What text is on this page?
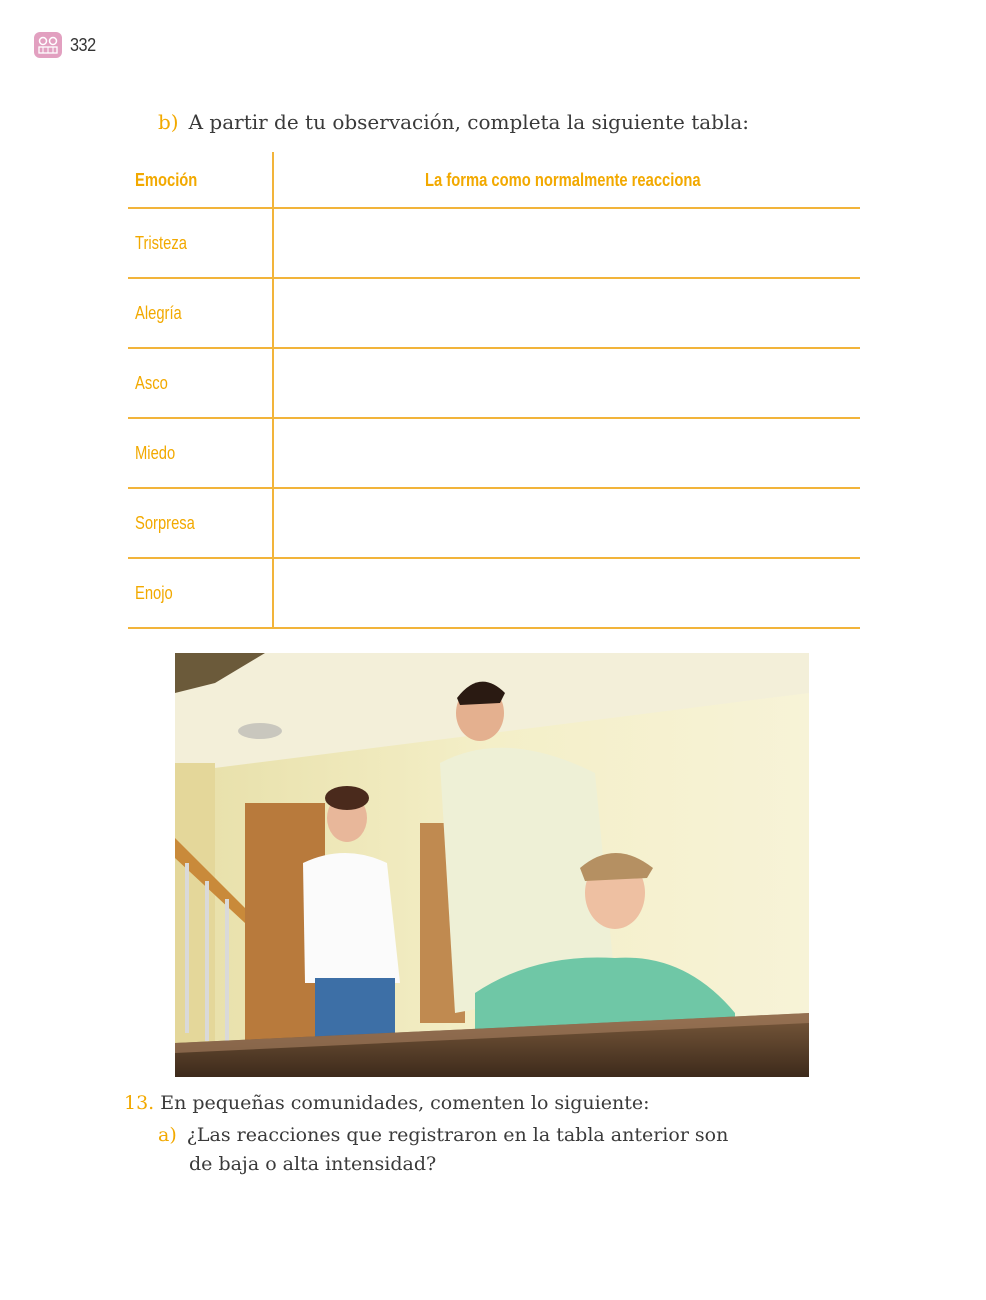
332
b) A partir de tu observación, completa la siguiente tabla:
Emoción	La forma como normalmente reacciona
Tristeza
Alegría
Asco
Miedo
Sorpresa
Enojo
13. En pequeñas comunidades, comenten lo siguiente:
a) ¿Las reacciones que registraron en la tabla anterior son
de baja o alta intensidad?
